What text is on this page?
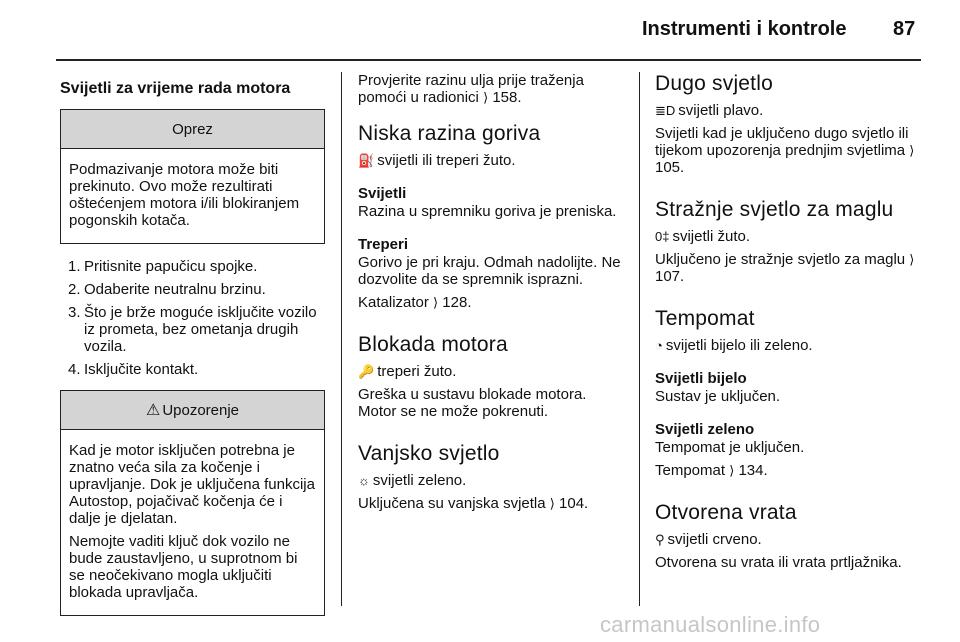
Instrumenti i kontrole 87
Svijetli za vrijeme rada motora
Oprez

Podmazivanje motora može biti prekinuto. Ovo može rezultirati oštećenjem motora i/ili blokiranjem pogonskih kotača.

1. Pritisnite papučicu spojke.
2. Odaberite neutralnu brzinu.
3. Što je brže moguće isključite vozilo iz prometa, bez ometanja drugih vozila.
4. Isključite kontakt.
⚠ Upozorenje

Kad je motor isključen potrebna je znatno veća sila za kočenje i upravljanje. Dok je uključena funkcija Autostop, pojačivač kočenja će i dalje je djelatan.

Nemojte vaditi ključ dok vozilo ne bude zaustavljeno, u suprotnom bi se neočekivano mogla uključiti blokada upravljača.

Provjerite razinu ulja prije traženja pomoći u radionici ⟩ 158.

Niska razina goriva

⛽ svijetli ili treperi žuto.

Svijetli

Razina u spremniku goriva je preniska.

Treperi

Gorivo je pri kraju. Odmah nadolijte. Ne dozvolite da se spremnik isprazni.

Katalizator ⟩ 128.

Blokada motora

🔑 treperi žuto.

Greška u sustavu blokade motora. Motor se ne može pokrenuti.

Vanjsko svjetlo

☼ svijetli zeleno.

Uključena su vanjska svjetla ⟩ 104.

Dugo svjetlo

≣D svijetli plavo.

Svijetli kad je uključeno dugo svjetlo ili tijekom upozorenja prednjim svjetlima ⟩ 105.

Stražnje svjetlo za maglu

0‡ svijetli žuto.

Uključeno je stražnje svjetlo za maglu ⟩ 107.

Tempomat

◔ svijetli bijelo ili zeleno.

Svijetli bijelo

Sustav je uključen.

Svijetli zeleno

Tempomat je uključen.

Tempomat ⟩ 134.

Otvorena vrata

⚲ svijetli crveno.

Otvorena su vrata ili vrata prtljažnika.

carmanualsonline.info
